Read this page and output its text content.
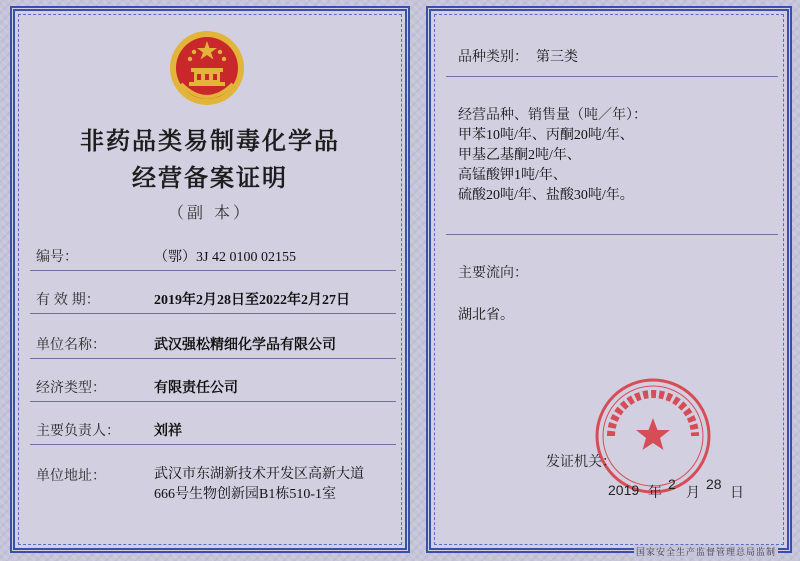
非药品类易制毒化学品
经营备案证明
（副 本）
编号：	（鄂）3J 42 0100 02155
有 效 期：	2019年2月28日至2022年2月27日
单位名称：	武汉强松精细化学品有限公司
经济类型：	有限责任公司
主要负责人：	刘祥
单位地址：	武汉市东湖新技术开发区高新大道
666号生物创新园B1栋510-1室
品种类别： 第三类
经营品种、销售量（吨／年）：
甲苯10吨/年、丙酮20吨/年、
甲基乙基酮2吨/年、
高锰酸钾1吨/年、
硫酸20吨/年、盐酸30吨/年。
主要流向：
湖北省。
发证机关：
2019 年 2 月 28 日
国家安全生产监督管理总局监制
